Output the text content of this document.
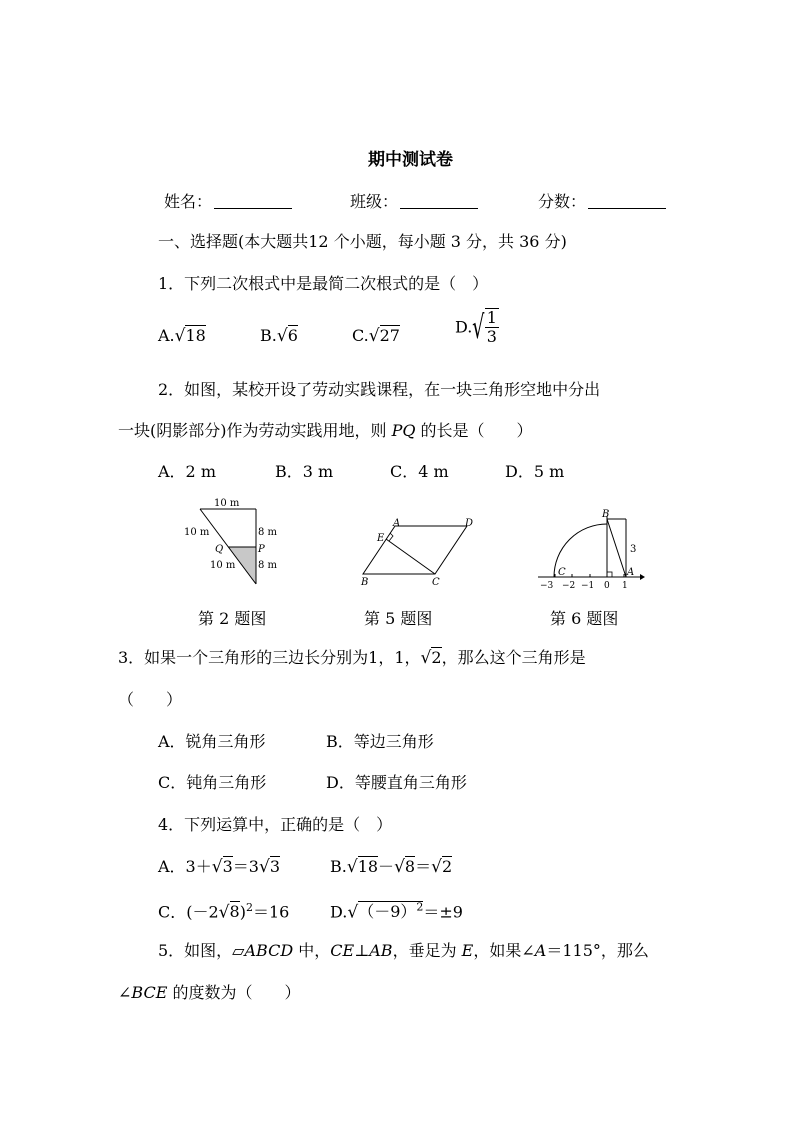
期中测试卷
姓名：	班级：	分数：
一、选择题(本大题共12 个小题，每小题 3 分，共 36 分)
1．下列二次根式中是最简二次根式的是（　）
A.√18	B.√6	C.√27	$D.√ \frac{1}{3}$
2．如图，某校开设了劳动实践课程，在一块三角形空地中分出
一块(阴影部分)作为劳动实践用地，则 PQ 的长是（　　）
A．2 m	B．3 m	C．4 m	D．5 m
10 m
10 m	8 m
Q	P
10 m 8 m
第 2 题图
A	D
E
B	C
第 5 题图
B
3
C	A
−3 −2 −1 0 1
第 6 题图
3．如果一个三角形的三边长分别为1，1，√2，那么这个三角形是
（　　）
A．锐角三角形	B．等边三角形
C．钝角三角形	D．等腰直角三角形
4．下列运算中，正确的是（　）
A．3＋√3＝3√3	B.√18－√8＝√2
C．$(-2√8)^2=16$	$D.√(-9)^2=\pm 9$
5．如图，▱ABCD 中，CE⊥AB，垂足为 E，如果∠A＝115°，那么
∠BCE 的度数为（　　）
